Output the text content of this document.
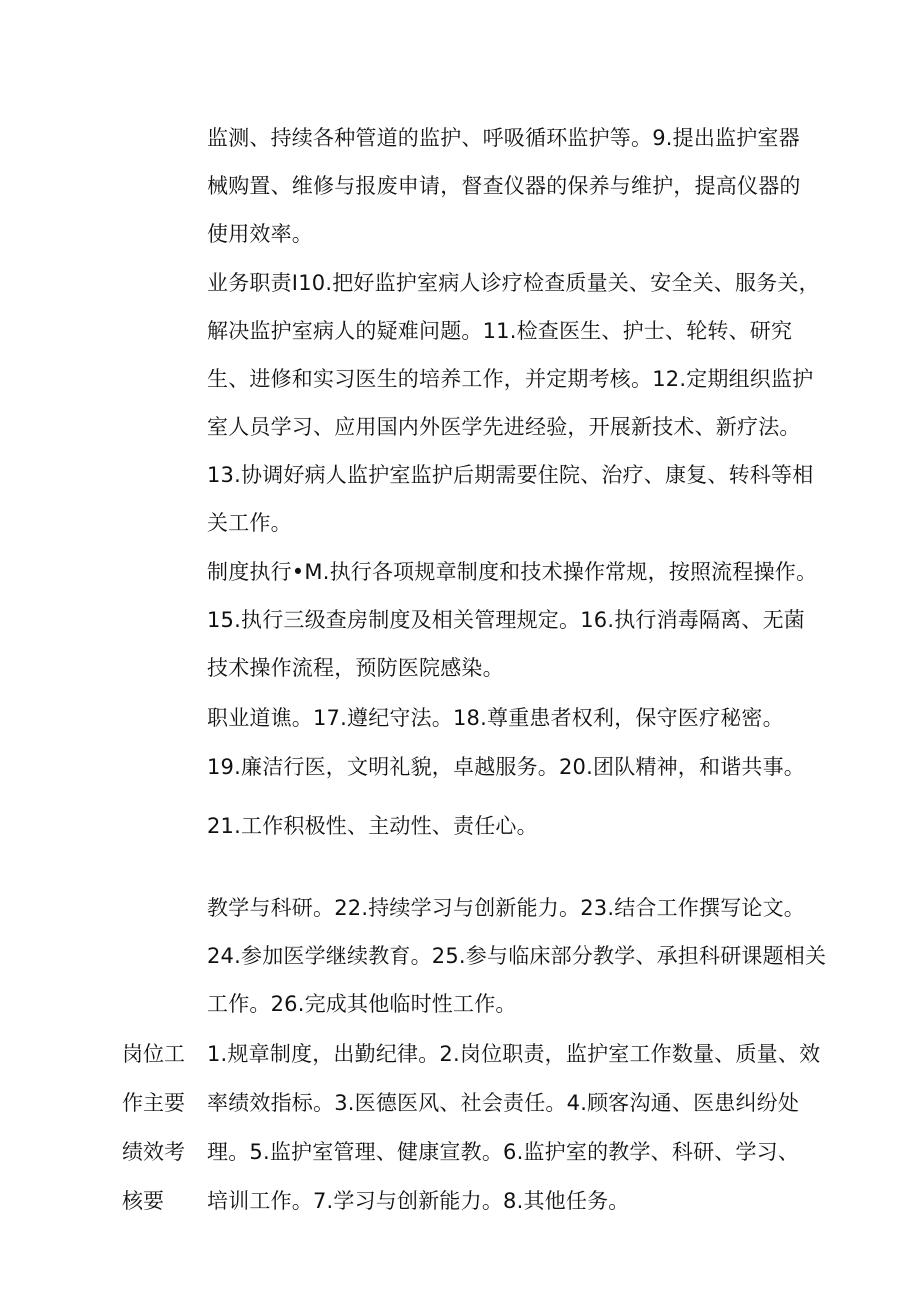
监测、持续各种管道的监护、呼吸循环监护等。9.提出监护室器
械购置、维修与报废申请，督查仪器的保养与维护，提高仪器的
使用效率。
业务职责I10.把好监护室病人诊疗检查质量关、安全关、服务关，
解决监护室病人的疑难问题。11.检查医生、护士、轮转、研究
生、进修和实习医生的培养工作，并定期考核。12.定期组织监护
室人员学习、应用国内外医学先进经验，开展新技术、新疗法。
13.协调好病人监护室监护后期需要住院、治疗、康复、转科等相
关工作。
制度执行•M.执行各项规章制度和技术操作常规，按照流程操作。
15.执行三级查房制度及相关管理规定。16.执行消毒隔离、无菌
技术操作流程，预防医院感染。
职业道谯。17.遵纪守法。18.尊重患者权利，保守医疗秘密。
19.廉洁行医，文明礼貌，卓越服务。20.团队精神，和谐共事。
21.工作积极性、主动性、责任心。
教学与科研。22.持续学习与创新能力。23.结合工作撰写论文。
24.参加医学继续教育。25.参与临床部分教学、承担科研课题相关
工作。26.完成其他临时性工作。
岗位工
作主要
绩效考
核要
1.规章制度，出勤纪律。2.岗位职责，监护室工作数量、质量、效
率绩效指标。3.医德医风、社会责任。4.顾客沟通、医患纠纷处
理。5.监护室管理、健康宣教。6.监护室的教学、科研、学习、
培训工作。7.学习与创新能力。8.其他任务。
